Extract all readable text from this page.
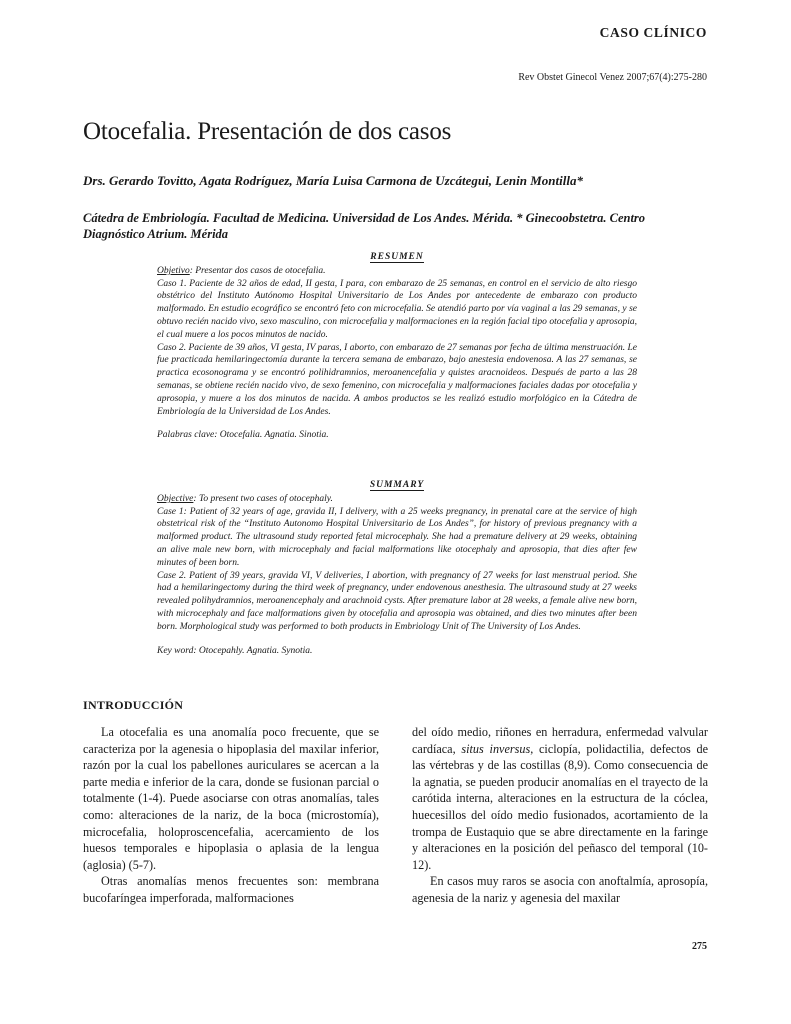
CASO CLÍNICO
Rev Obstet Ginecol Venez 2007;67(4):275-280
Otocefalia. Presentación de dos casos
Drs. Gerardo Tovitto, Agata Rodríguez, María Luisa Carmona de Uzcátegui, Lenin Montilla*
Cátedra de Embriología. Facultad de Medicina. Universidad de Los Andes. Mérida. * Ginecoobstetra. Centro Diagnóstico Atrium. Mérida
RESUMEN

Objetivo: Presentar dos casos de otocefalia.

Caso 1. Paciente de 32 años de edad, II gesta, I para, con embarazo de 25 semanas, en control en el servicio de alto riesgo obstétrico del Instituto Autónomo Hospital Universitario de Los Andes por antecedente de embarazo con producto malformado. En estudio ecográfico se encontró feto con microcefalia. Se atendió parto por vía vaginal a las 29 semanas, y se obtuvo recién nacido vivo, sexo masculino, con microcefalia y malformaciones en la región facial tipo otocefalia y aprosopia, el cual muere a los pocos minutos de nacido.

Caso 2. Paciente de 39 años, VI gesta, IV paras, I aborto, con embarazo de 27 semanas por fecha de última menstruación. Le fue practicada hemilaringectomía durante la tercera semana de embarazo, bajo anestesia endovenosa. A las 27 semanas, se practica ecosonograma y se encontró polihidramnios, meroanencefalia y quistes aracnoideos. Después de parto a las 28 semanas, se obtiene recién nacido vivo, de sexo femenino, con microcefalia y malformaciones faciales dadas por otocefalia y aprosopia, y muere a los dos minutos de nacida. A ambos productos se les realizó estudio morfológico en la Cátedra de Embriología de la Universidad de Los Andes.

Palabras clave: Otocefalia. Agnatia. Sinotia.

SUMMARY

Objective: To present two cases of otocephaly.

Case 1: Patient of 32 years of age, gravida II, I delivery, with a 25 weeks pregnancy, in prenatal care at the service of high obstetrical risk of the “Instituto Autonomo Hospital Universitario de Los Andes”, for history of previous pregnancy with a malformed product. The ultrasound study reported fetal microcephaly. She had a premature delivery at 29 weeks, obtaining an alive male new born, with microcephaly and facial malformations like otocephaly and aprosopia, that dies after few minutes of been born.

Case 2. Patient of 39 years, gravida VI, V deliveries, I abortion, with pregnancy of 27 weeks for last menstrual period. She had a hemilaringectomy during the third week of pregnancy, under endovenous anesthesia. The ultrasound study at 27 weeks revealed polihydramnios, meroanencephaly and arachnoid cysts. After premature labor at 28 weeks, a female alive new born, with microcephaly and face malformations given by otocefalia and aprosopia was obtained, and dies two minutes after been born. Morphological study was performed to both products in Embriology Unit of The University of Los Andes.

Key word: Otocepahly. Agnatia. Synotia.

INTRODUCCIÓN

La otocefalia es una anomalía poco frecuente, que se caracteriza por la agenesia o hipoplasia del maxilar inferior, razón por la cual los pabellones auriculares se acercan a la parte media e inferior de la cara, donde se fusionan parcial o totalmente (1-4). Puede asociarse con otras anomalías, tales como: alteraciones de la nariz, de la boca (microstomía), microcefalia, holoproscencefalia, acercamiento de los huesos temporales e hipoplasia o aplasia de la lengua (aglosia) (5-7).

Otras anomalías menos frecuentes son: membrana bucofaríngea imperforada, malformaciones

del oído medio, riñones en herradura, enfermedad valvular cardíaca, situs inversus, ciclopía, polidactilia, defectos de las vértebras y de las costillas (8,9). Como consecuencia de la agnatia, se pueden producir anomalías en el trayecto de la carótida interna, alteraciones en la estructura de la cóclea, huecesillos del oído medio fusionados, acortamiento de la trompa de Eustaquio que se abre directamente en la faringe y alteraciones en la posición del peñasco del temporal (10-12).

En casos muy raros se asocia con anoftalmía, aprosopía, agenesia de la nariz y agenesia del maxilar

275
